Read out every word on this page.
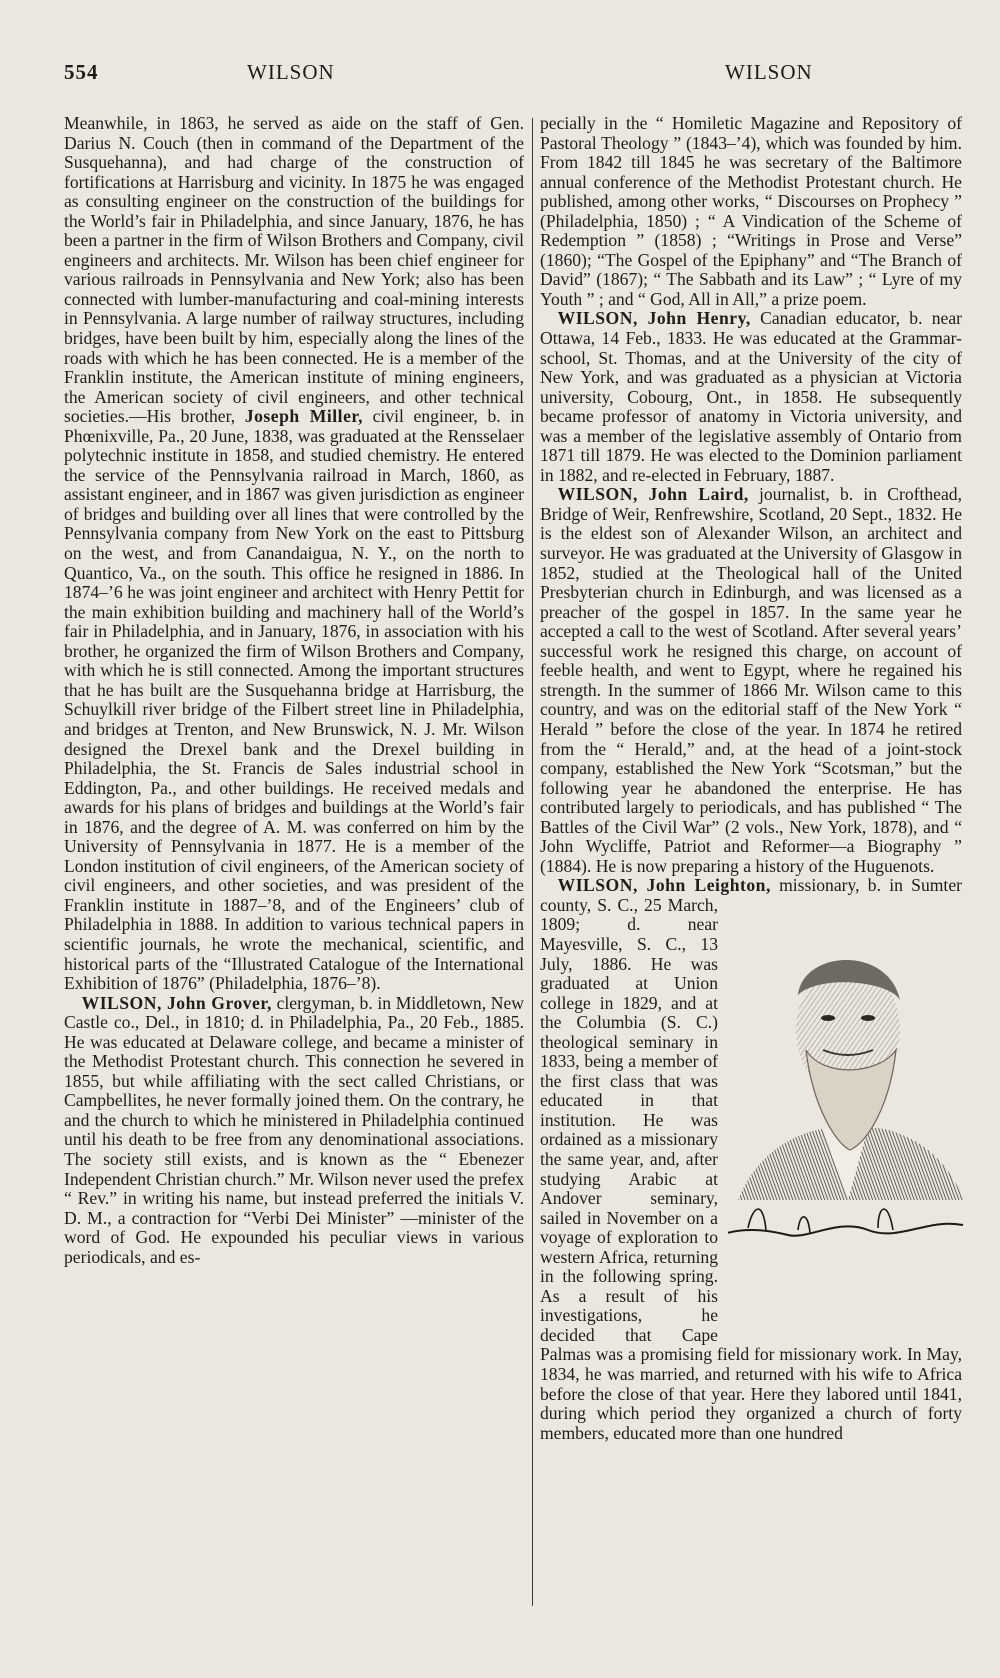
554	WILSON	WILSON

Meanwhile, in 1863, he served as aide on the staff of Gen. Darius N. Couch (then in command of the Department of the Susquehanna), and had charge of the construction of fortifications at Harrisburg and vicinity. In 1875 he was engaged as consulting engineer on the construction of the buildings for the World’s fair in Philadelphia, and since January, 1876, he has been a partner in the firm of Wilson Brothers and Company, civil engineers and architects. Mr. Wilson has been chief engineer for various railroads in Pennsylvania and New York; also has been connected with lumber-manufacturing and coal-mining interests in Pennsylvania. A large number of railway structures, including bridges, have been built by him, especially along the lines of the roads with which he has been connected. He is a member of the Franklin institute, the American institute of mining engineers, the American society of civil engineers, and other technical societies.—His brother, Joseph Miller, civil engineer, b. in Phœnixville, Pa., 20 June, 1838, was graduated at the Rensselaer polytechnic institute in 1858, and studied chemistry. He entered the service of the Pennsylvania railroad in March, 1860, as assistant engineer, and in 1867 was given jurisdiction as engineer of bridges and building over all lines that were controlled by the Pennsylvania company from New York on the east to Pittsburg on the west, and from Canandaigua, N. Y., on the north to Quantico, Va., on the south. This office he resigned in 1886. In 1874–’6 he was joint engineer and architect with Henry Pettit for the main exhibition building and machinery hall of the World’s fair in Philadelphia, and in January, 1876, in association with his brother, he organized the firm of Wilson Brothers and Company, with which he is still connected. Among the important structures that he has built are the Susquehanna bridge at Harrisburg, the Schuylkill river bridge of the Filbert street line in Philadelphia, and bridges at Trenton, and New Brunswick, N. J. Mr. Wilson designed the Drexel bank and the Drexel building in Philadelphia, the St. Francis de Sales industrial school in Eddington, Pa., and other buildings. He received medals and awards for his plans of bridges and buildings at the World’s fair in 1876, and the degree of A. M. was conferred on him by the University of Pennsylvania in 1877. He is a member of the London institution of civil engineers, of the American society of civil engineers, and other societies, and was president of the Franklin institute in 1887–’8, and of the Engineers’ club of Philadelphia in 1888. In addition to various technical papers in scientific journals, he wrote the mechanical, scientific, and historical parts of the “Illustrated Catalogue of the International Exhibition of 1876” (Philadelphia, 1876–’8).

 WILSON, John Grover, clergyman, b. in Middletown, New Castle co., Del., in 1810; d. in Philadelphia, Pa., 20 Feb., 1885. He was educated at Delaware college, and became a minister of the Methodist Protestant church. This connection he severed in 1855, but while affiliating with the sect called Christians, or Campbellites, he never formally joined them. On the contrary, he and the church to which he ministered in Philadelphia continued until his death to be free from any denominational associations. The society still exists, and is known as the “ Ebenezer Independent Christian church.” Mr. Wilson never used the prefex “ Rev.” in writing his name, but instead preferred the initials V. D. M., a contraction for “Verbi Dei Minister” —minister of the word of God. He expounded his peculiar views in various periodicals, and es-

pecially in the “ Homiletic Magazine and Repository of Pastoral Theology ” (1843–’4), which was founded by him. From 1842 till 1845 he was secretary of the Baltimore annual conference of the Methodist Protestant church. He published, among other works, “ Discourses on Prophecy ” (Philadelphia, 1850) ; “ A Vindication of the Scheme of Redemption ” (1858) ; “Writings in Prose and Verse” (1860); “The Gospel of the Epiphany” and “The Branch of David” (1867); “ The Sabbath and its Law” ; “ Lyre of my Youth ” ; and “ God, All in All,” a prize poem.

 WILSON, John Henry, Canadian educator, b. near Ottawa, 14 Feb., 1833. He was educated at the Grammar-school, St. Thomas, and at the University of the city of New York, and was graduated as a physician at Victoria university, Cobourg, Ont., in 1858. He subsequently became professor of anatomy in Victoria university, and was a member of the legislative assembly of Ontario from 1871 till 1879. He was elected to the Dominion parliament in 1882, and re-elected in February, 1887.

 WILSON, John Laird, journalist, b. in Crofthead, Bridge of Weir, Renfrewshire, Scotland, 20 Sept., 1832. He is the eldest son of Alexander Wilson, an architect and surveyor. He was graduated at the University of Glasgow in 1852, studied at the Theological hall of the United Presbyterian church in Edinburgh, and was licensed as a preacher of the gospel in 1857. In the same year he accepted a call to the west of Scotland. After several years’ successful work he resigned this charge, on account of feeble health, and went to Egypt, where he regained his strength. In the summer of 1866 Mr. Wilson came to this country, and was on the editorial staff of the New York “ Herald ” before the close of the year. In 1874 he retired from the “ Herald,” and, at the head of a joint-stock company, established the New York “Scotsman,” but the following year he abandoned the enterprise. He has contributed largely to periodicals, and has published “ The Battles of the Civil War” (2 vols., New York, 1878), and “ John Wycliffe, Patriot and Reformer—a Biography ” (1884). He is now preparing a history of the Huguenots.

 WILSON, John Leighton, missionary, b. in Sumter county, S. C., 25 March, 1809; d. near Mayesville, S. C., 13 July, 1886. He was graduated at Union college in 1829, and at the Columbia (S. C.) theological seminary in 1833, being a member of the first class that was educated in that institution. He was ordained as a missionary the same year, and, after studying Arabic at Andover seminary, sailed in November on a voyage of exploration to western Africa, returning in the following spring. As a result of his investigations, he decided that Cape Palmas was a promising field for missionary work. In May, 1834, he was married, and returned with his wife to Africa before the close of that year. Here they labored until 1841, during which period they organized a church of forty members, educated more than one hundred
